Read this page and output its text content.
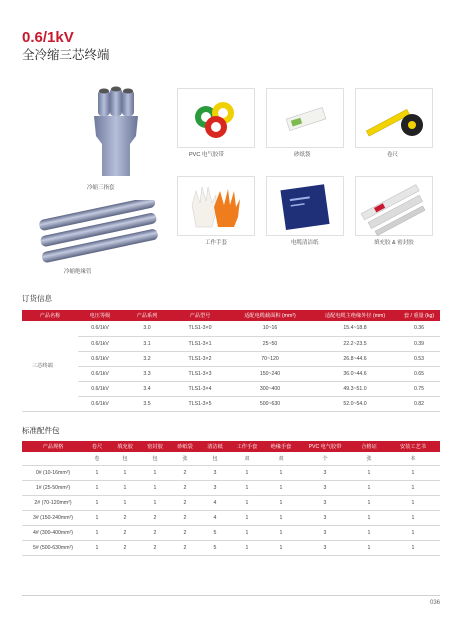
0.6/1kV
全冷缩三芯终端
冷缩三指套
冷缩绝缘管
PVC 电气胶带	砂纸袋	卷尺
工作手套	电缆清洁纸	填充胶 & 密封胶
订货信息
产品名称	电压等级	产品系列	产品型号	适配电缆截面积 (mm²)	适配电缆主绝缘外径 (mm)	套 / 重量 (kg)
三芯终端	0.6/1kV	3.0	TLS1-3×0	10~16	15.4~18.8	0.36
	0.6/1kV	3.1	TLS1-3×1	25~50	22.2~23.5	0.39
	0.6/1kV	3.2	TLS1-3×2	70~120	26.8~44.6	0.53
	0.6/1kV	3.3	TLS1-3×3	150~240	36.0~44.6	0.65
	0.6/1kV	3.4	TLS1-3×4	300~400	49.3~51.0	0.75
	0.6/1kV	3.5	TLS1-3×5	500~630	52.0~54.0	0.82
标准配件包
产品规格	卷尺	填充胶	密封胶	砂纸袋	清洁纸	工作手套	绝缘手套	PVC 电气胶带	合格证	安装工艺书
	卷	包	包	张	包	双	双	个	张	本
0# (10-16mm²)	1	1	1	2	3	1	1	3	1	1
1# (25-50mm²)	1	1	1	2	3	1	1	3	1	1
2# (70-120mm²)	1	1	1	2	4	1	1	3	1	1
3# (150-240mm²)	1	2	2	2	4	1	1	3	1	1
4# (300-400mm²)	1	2	2	2	5	1	1	3	1	1
5# (500-630mm²)	1	2	2	2	5	1	1	3	1	1
036
